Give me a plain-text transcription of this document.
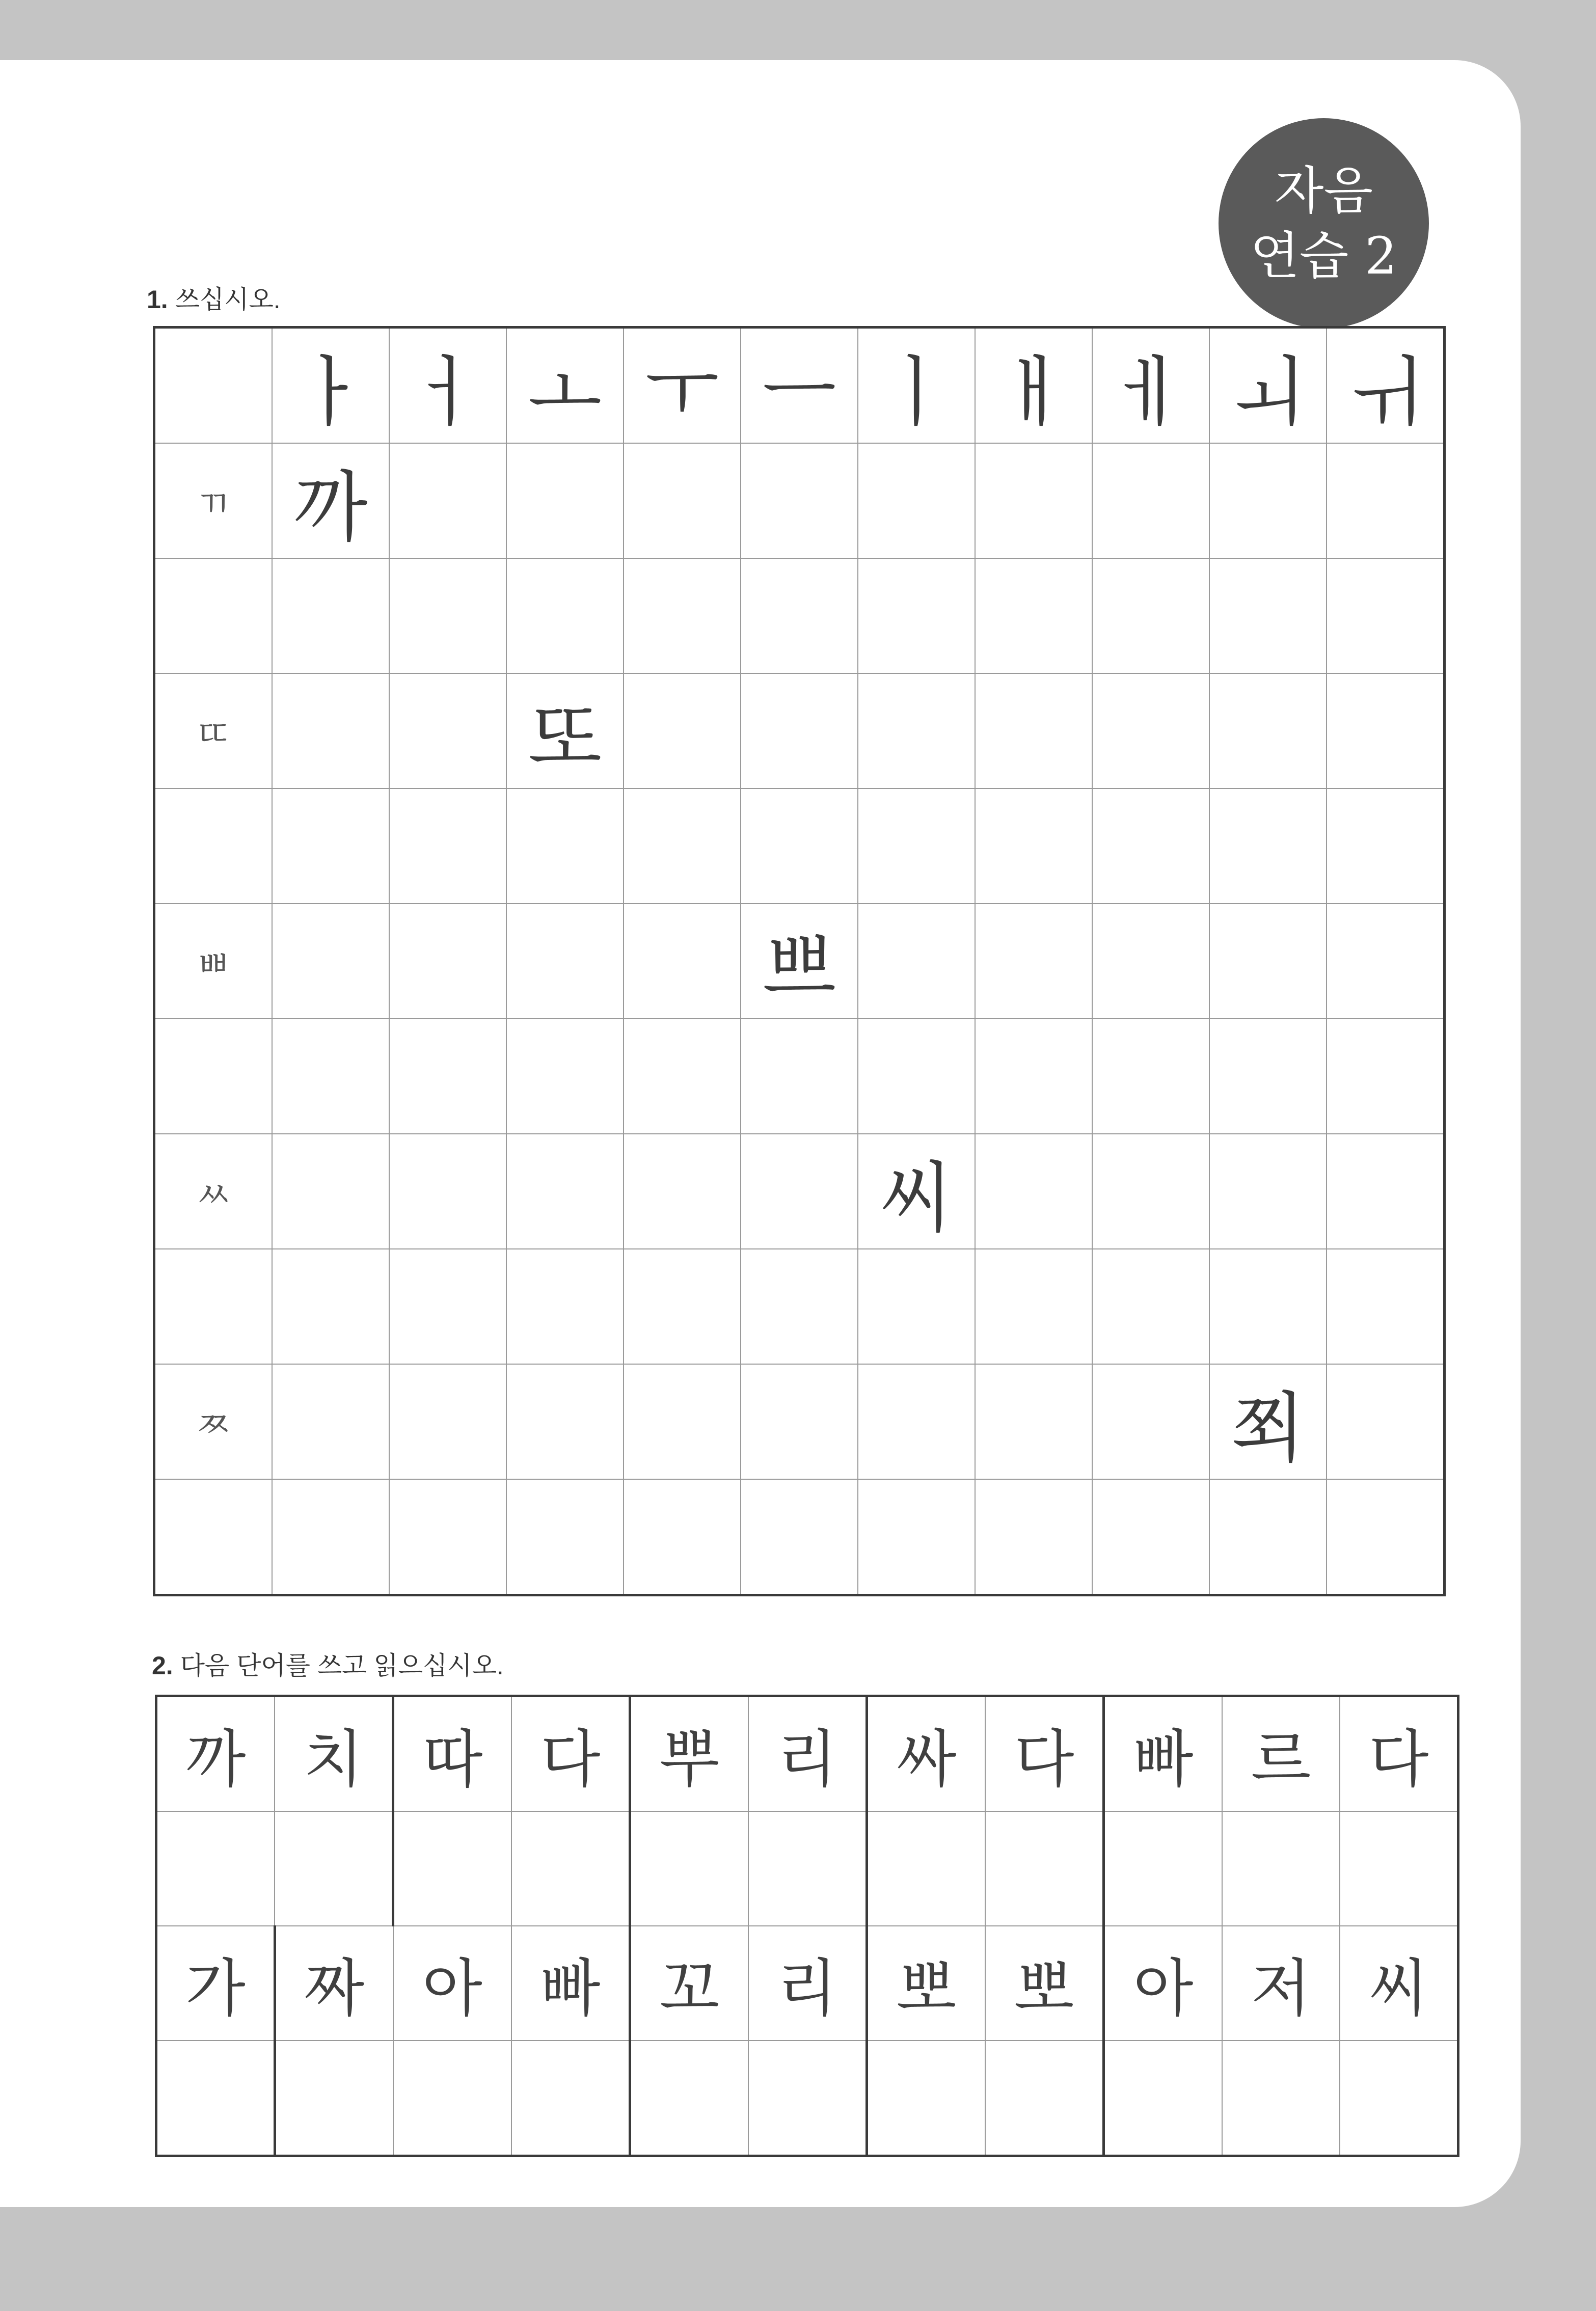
자음
연습 2
1. 쓰십시오.
	ㅏ	ㅓ	ㅗ	ㅜ	ㅡ	ㅣ	ㅐ	ㅔ	ㅚ	ㅟ
ㄲ	까									

ㄸ			또							

ㅃ					쁘					

ㅆ						씨				

ㅉ									쬐	

2. 다음 단어를 쓰고 읽으십시오.
까	치	따	다	뿌	리	싸	다	빠	르	다

가	짜	아	빠	꼬	리	뽀	뽀	아	저	씨
